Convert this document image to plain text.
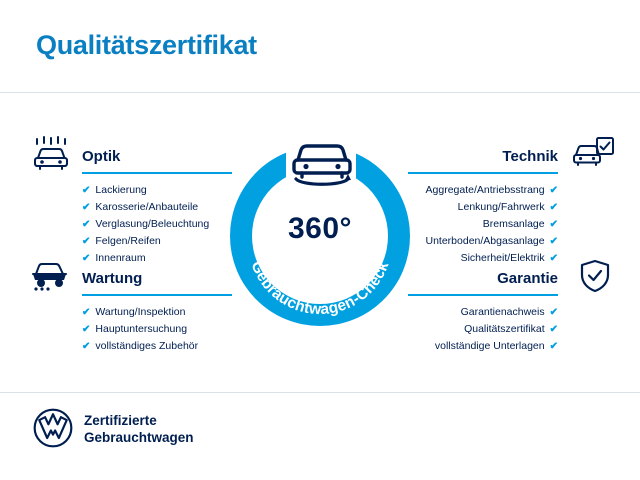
Qualitätszertifikat
Gebrauchtwagen-Check
360°
Optik
✔ Lackierung
✔ Karosserie/Anbauteile
✔ Verglasung/Beleuchtung
✔ Felgen/Reifen
✔ Innenraum
Wartung
✔ Wartung/Inspektion
✔ Hauptuntersuchung
✔ vollständiges Zubehör
Technik
Aggregate/Antriebsstrang ✔
Lenkung/Fahrwerk ✔
Bremsanlage ✔
Unterboden/Abgasanlage ✔
Sicherheit/Elektrik ✔
Garantie
Garantienachweis ✔
Qualitätszertifikat ✔
vollständige Unterlagen ✔
Zertifizierte
Gebrauchtwagen
